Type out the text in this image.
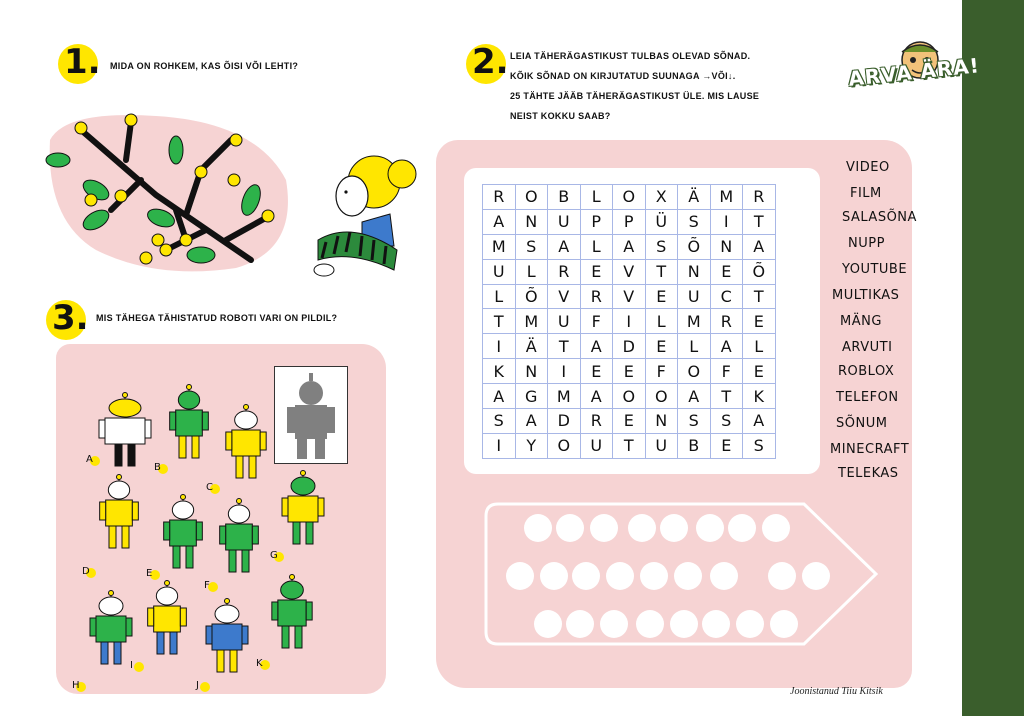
ARVA ÄRA!
1. MIDA ON ROHKEM, KAS ÕISI VÕI LEHTI?	2. LEIA TÄHERÄGASTIKUST TULBAS OLEVAD SÕNAD.
KÕIK SÕNAD ON KIRJUTATUD SUUNAGA →VÕI↓.
25 TÄHTE JÄÄB TÄHERÄGASTIKUST ÜLE. MIS LAUSE
NEIST KOKKU SAAB?
R	O	B	L	O	X	Ä	M	R
A	N	U	P	P	Ü	S	I	T
M	S	A	L	A	S	Õ	N	A
U	L	R	E	V	T	N	E	Õ
L	Õ	V	R	V	E	U	C	T
T	M	U	F	I	L	M	R	E
I	Ä	T	A	D	E	L	A	L
K	N	I	E	E	F	O	F	E
A	G	M	A	O	O	A	T	K
S	A	D	R	E	N	S	S	A
I	Y	O	U	T	U	B	E	S
VIDEO
FILM
SALASÕNA
NUPP
YOUTUBE
MULTIKAS
MÄNG
ARVUTI
ROBLOX
TELEFON
SÕNUM
MINECRAFT
TELEKAS
3. MIS TÄHEGA TÄHISTATUD ROBOTI VARI ON PILDIL?
A
B
C
D	E
F
G
H
I
J
K
Joonistanud Tiiu Kitsik
